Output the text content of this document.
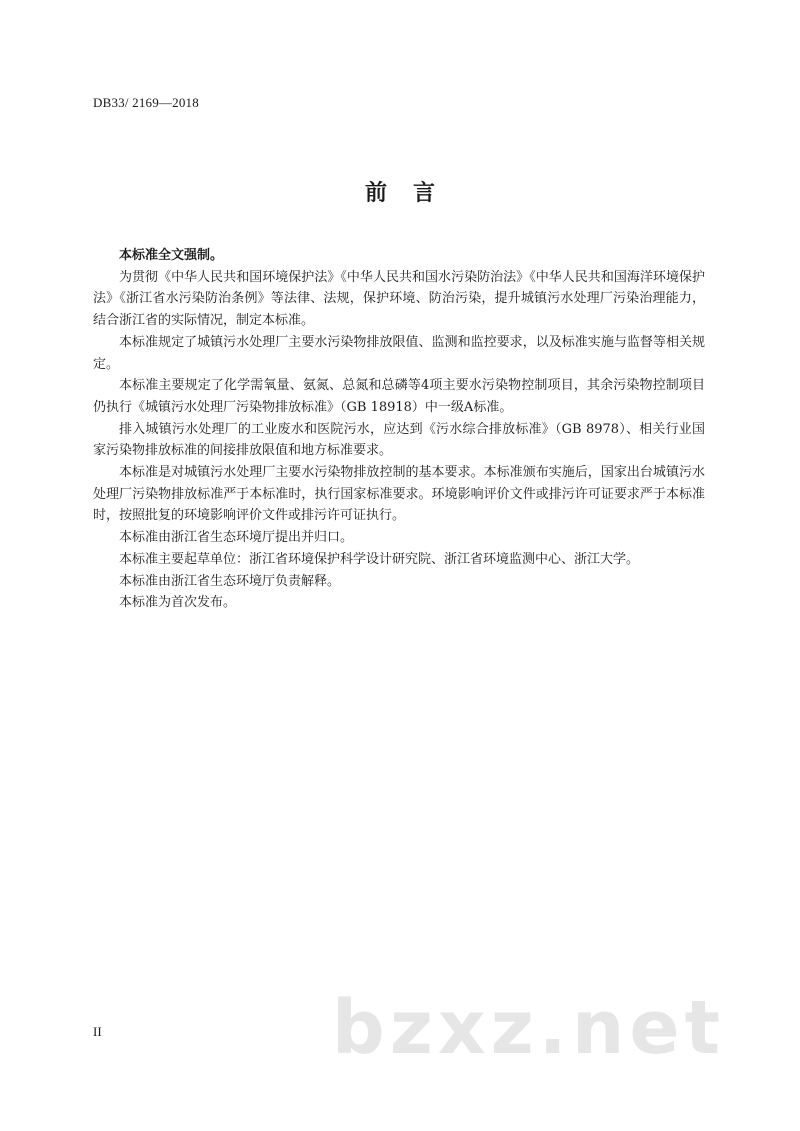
DB33/ 2169—2018
前言

本标准全文强制。

为贯彻《中华人民共和国环境保护法》《中华人民共和国水污染防治法》《中华人民共和国海洋环境保护法》《浙江省水污染防治条例》等法律、法规，保护环境、防治污染，提升城镇污水处理厂污染治理能力，结合浙江省的实际情况，制定本标准。

本标准规定了城镇污水处理厂主要水污染物排放限值、监测和监控要求，以及标准实施与监督等相关规定。

本标准主要规定了化学需氧量、氨氮、总氮和总磷等4项主要水污染物控制项目，其余污染物控制项目仍执行《城镇污水处理厂污染物排放标准》（GB 18918）中一级A标准。

排入城镇污水处理厂的工业废水和医院污水，应达到《污水综合排放标准》（GB 8978）、相关行业国家污染物排放标准的间接排放限值和地方标准要求。

本标准是对城镇污水处理厂主要水污染物排放控制的基本要求。本标准颁布实施后，国家出台城镇污水处理厂污染物排放标准严于本标准时，执行国家标准要求。环境影响评价文件或排污许可证要求严于本标准时，按照批复的环境影响评价文件或排污许可证执行。

本标准由浙江省生态环境厅提出并归口。

本标准主要起草单位：浙江省环境保护科学设计研究院、浙江省环境监测中心、浙江大学。

本标准由浙江省生态环境厅负责解释。

本标准为首次发布。

II	bzxz.net
